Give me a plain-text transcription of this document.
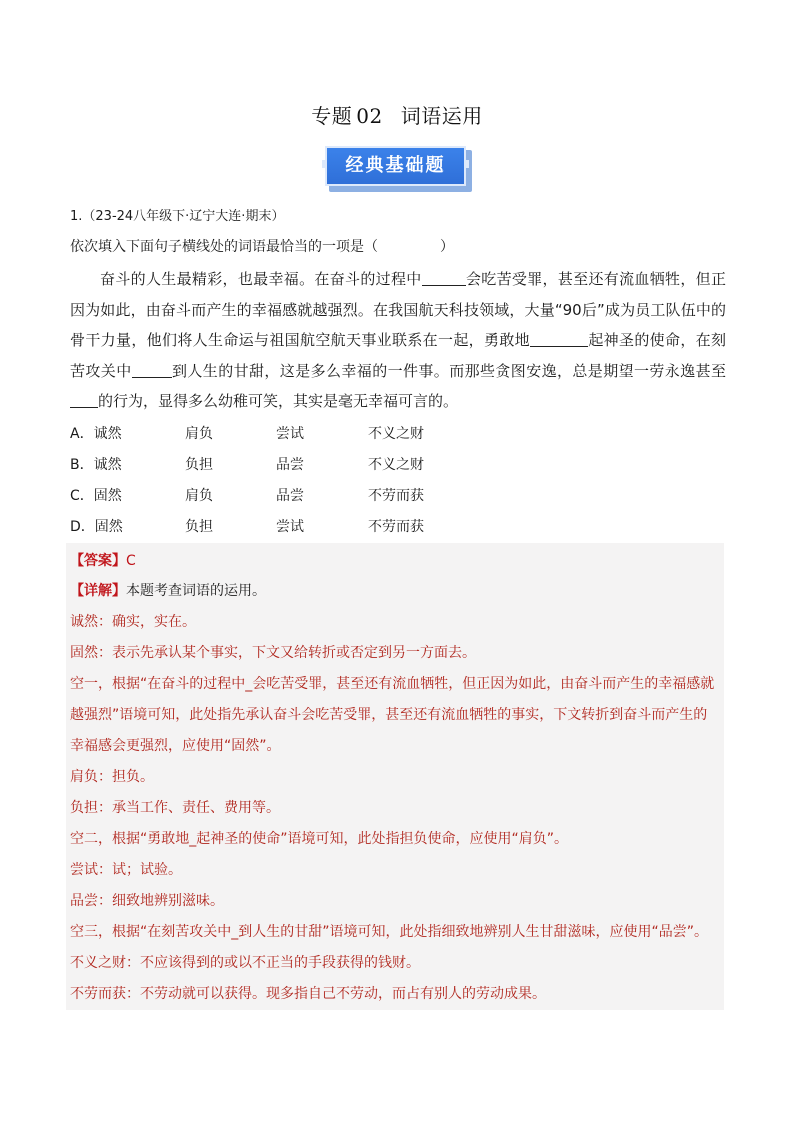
专题 02 词语运用
经典基础题
1.（23-24八年级下·辽宁大连·期末）
依次填入下面句子横线处的词语最恰当的一项是（	）
奋斗的人生最精彩，也最幸福。在奋斗的过程中	会吃苦受罪，甚至还有流血牺牲，但正因为如此，由奋斗而产生的幸福感就越强烈。在我国航天科技领域，大量“90后”成为员工队伍中的骨干力量，他们将人生命运与祖国航空航天事业联系在一起，勇敢地	起神圣的使命，在刻苦攻关中	到人生的甘甜，这是多么幸福的一件事。而那些贪图安逸，总是期望一劳永逸甚至的行为，显得多么幼稚可笑，其实是毫无幸福可言的。
A．诚然	肩负	尝试	不义之财
B．诚然	负担	品尝	不义之财
C．固然	肩负	品尝	不劳而获
D．固然	负担	尝试	不劳而获
【答案】C
【详解】本题考查词语的运用。
诚然：确实，实在。
固然：表示先承认某个事实，下文又给转折或否定到另一方面去。
空一，根据“在奋斗的过程中_会吃苦受罪，甚至还有流血牺牲，但正因为如此，由奋斗而产生的幸福感就
越强烈”语境可知，此处指先承认奋斗会吃苦受罪，甚至还有流血牺牲的事实，下文转折到奋斗而产生的
幸福感会更强烈，应使用“固然”。
肩负：担负。
负担：承当工作、责任、费用等。
空二，根据“勇敢地_起神圣的使命”语境可知，此处指担负使命，应使用“肩负”。
尝试：试；试验。
品尝：细致地辨别滋味。
空三，根据“在刻苦攻关中_到人生的甘甜”语境可知，此处指细致地辨别人生甘甜滋味，应使用“品尝”。
不义之财：不应该得到的或以不正当的手段获得的钱财。
不劳而获：不劳动就可以获得。现多指自己不劳动，而占有别人的劳动成果。
